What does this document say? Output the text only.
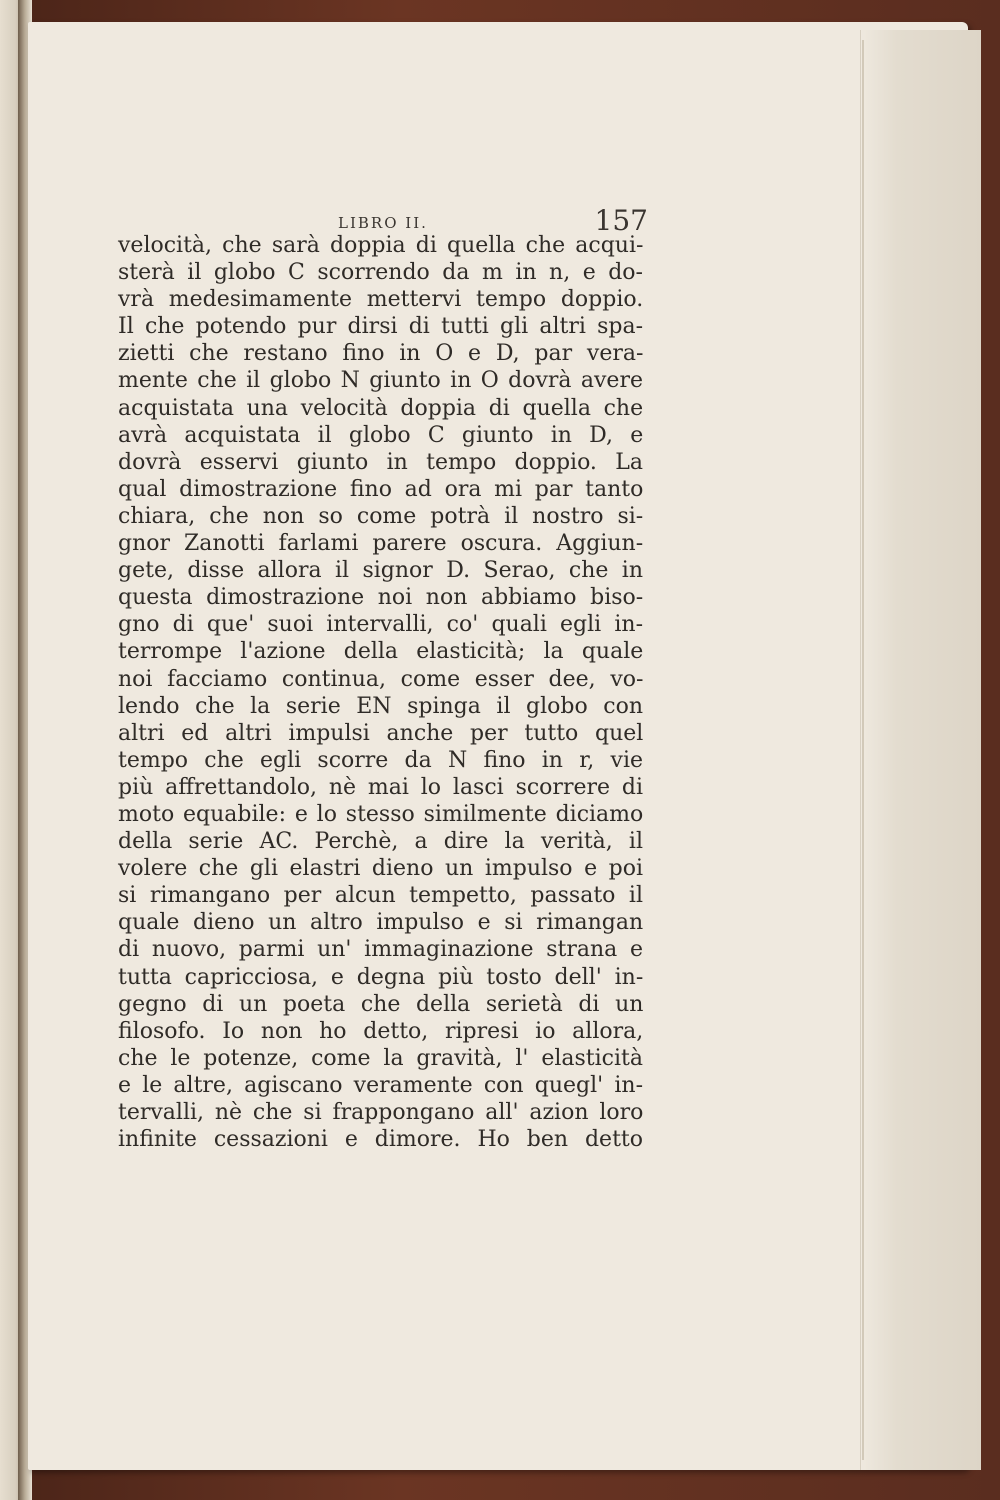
LIBRO II.	157
velocità, che sarà doppia di quella che acqui-
sterà il globo C scorrendo da m in n, e do-
vrà medesimamente mettervi tempo doppio.
Il che potendo pur dirsi di tutti gli altri spa-
zietti che restano fino in O e D, par vera-
mente che il globo N giunto in O dovrà avere
acquistata una velocità doppia di quella che
avrà acquistata il globo C giunto in D, e
dovrà esservi giunto in tempo doppio. La
qual dimostrazione fino ad ora mi par tanto
chiara, che non so come potrà il nostro si-
gnor Zanotti farlami parere oscura. Aggiun-
gete, disse allora il signor D. Serao, che in
questa dimostrazione noi non abbiamo biso-
gno di que' suoi intervalli, co' quali egli in-
terrompe l'azione della elasticità; la quale
noi facciamo continua, come esser dee, vo-
lendo che la serie EN spinga il globo con
altri ed altri impulsi anche per tutto quel
tempo che egli scorre da N fino in r, vie
più affrettandolo, nè mai lo lasci scorrere di
moto equabile: e lo stesso similmente diciamo
della serie AC. Perchè, a dire la verità, il
volere che gli elastri dieno un impulso e poi
si rimangano per alcun tempetto, passato il
quale dieno un altro impulso e si rimangan
di nuovo, parmi un' immaginazione strana e
tutta capricciosa, e degna più tosto dell' in-
gegno di un poeta che della serietà di un
filosofo. Io non ho detto, ripresi io allora,
che le potenze, come la gravità, l' elasticità
e le altre, agiscano veramente con quegl' in-
tervalli, nè che si frappongano all' azion loro
infinite cessazioni e dimore. Ho ben detto
